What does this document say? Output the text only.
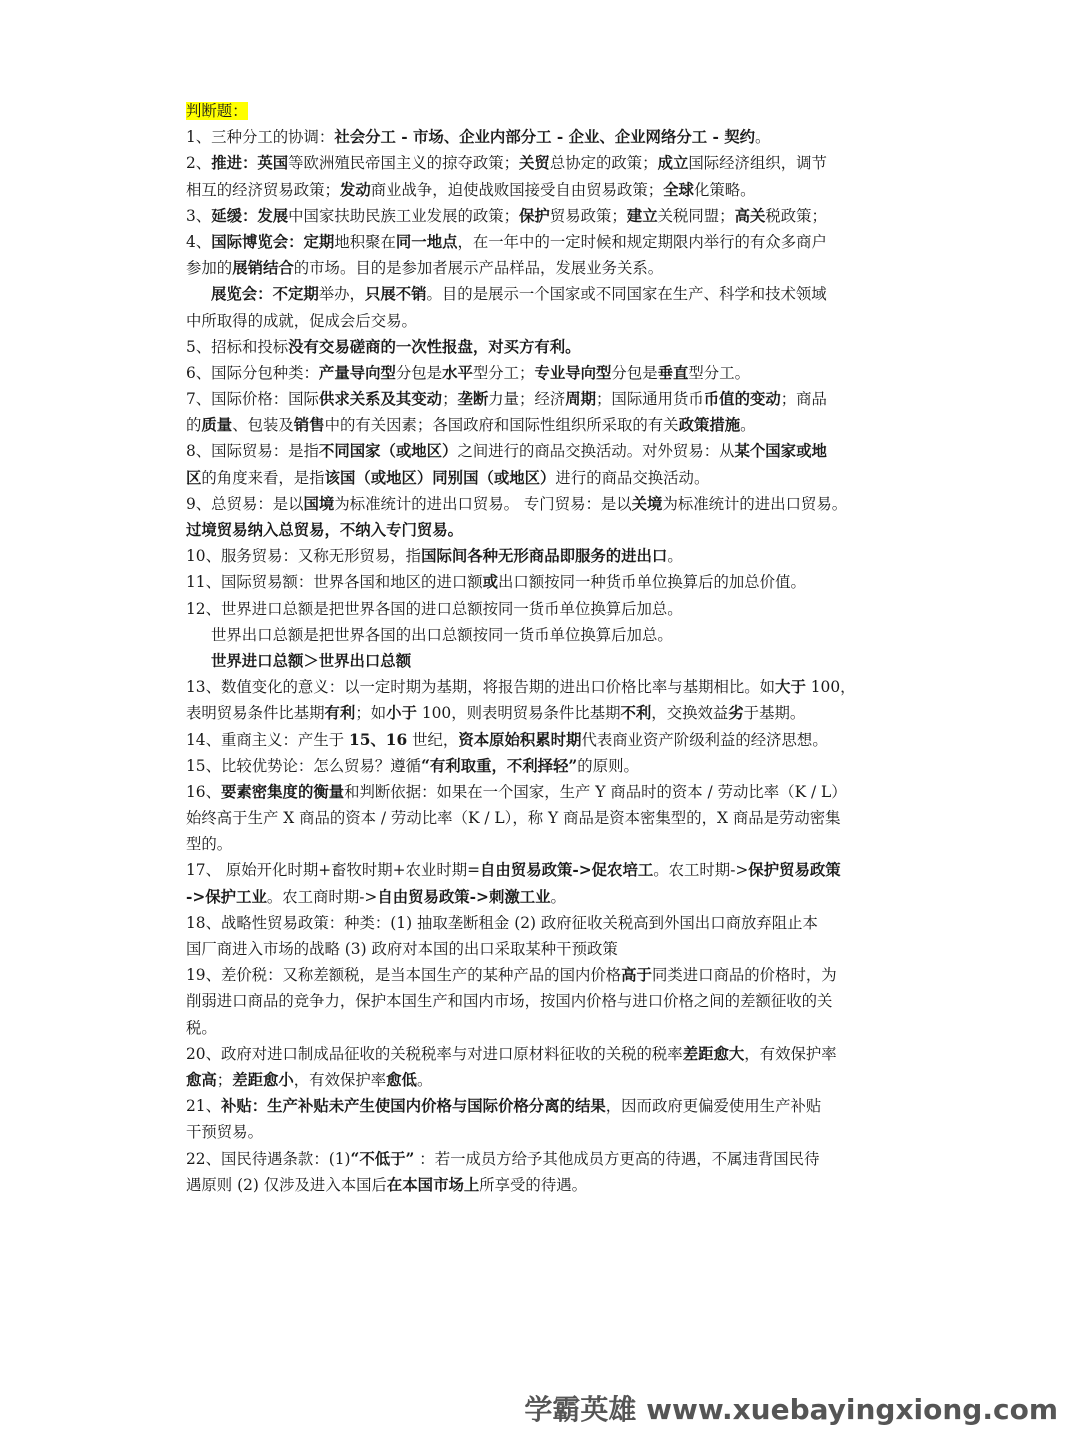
判断题：
1、三种分工的协调：社会分工 - 市场、企业内部分工 - 企业、企业网络分工 - 契约。
2、推进：英国等欧洲殖民帝国主义的掠夺政策；关贸总协定的政策；成立国际经济组织，调节
相互的经济贸易政策；发动商业战争，迫使战败国接受自由贸易政策；全球化策略。
3、延缓：发展中国家扶助民族工业发展的政策；保护贸易政策；建立关税同盟；高关税政策；
4、国际博览会：定期地积聚在同一地点，在一年中的一定时候和规定期限内举行的有众多商户
参加的展销结合的市场。目的是参加者展示产品样品，发展业务关系。
展览会：不定期举办，只展不销。目的是展示一个国家或不同国家在生产、科学和技术领域
中所取得的成就，促成会后交易。
5、招标和投标没有交易磋商的一次性报盘，对买方有利。
6、国际分包种类：产量导向型分包是水平型分工；专业导向型分包是垂直型分工。
7、国际价格：国际供求关系及其变动；垄断力量；经济周期；国际通用货币币值的变动；商品
的质量、包装及销售中的有关因素；各国政府和国际性组织所采取的有关政策措施。
8、国际贸易：是指不同国家（或地区）之间进行的商品交换活动。对外贸易：从某个国家或地
区的角度来看，是指该国（或地区）同别国（或地区）进行的商品交换活动。
9、总贸易：是以国境为标准统计的进出口贸易。 专门贸易：是以关境为标准统计的进出口贸易。
过境贸易纳入总贸易，不纳入专门贸易。
10、服务贸易：又称无形贸易，指国际间各种无形商品即服务的进出口。
11、国际贸易额：世界各国和地区的进口额或出口额按同一种货币单位换算后的加总价值。
12、世界进口总额是把世界各国的进口总额按同一货币单位换算后加总。
世界出口总额是把世界各国的出口总额按同一货币单位换算后加总。
世界进口总额＞世界出口总额
13、数值变化的意义：以一定时期为基期，将报告期的进出口价格比率与基期相比。如大于 100，
表明贸易条件比基期有利；如小于 100，则表明贸易条件比基期不利，交换效益劣于基期。
14、重商主义：产生于 15、16 世纪，资本原始积累时期代表商业资产阶级利益的经济思想。
15、比较优势论：怎么贸易？遵循“有利取重，不利择轻”的原则。
16、要素密集度的衡量和判断依据：如果在一个国家，生产 Y 商品时的资本 / 劳动比率（K / L）
始终高于生产 X 商品的资本 / 劳动比率（K / L），称 Y 商品是资本密集型的，X 商品是劳动密集
型的。
17、 原始开化时期+畜牧时期+农业时期=自由贸易政策->促农培工。农工时期->保护贸易政策
->保护工业。农工商时期->自由贸易政策->刺激工业。
18、战略性贸易政策：种类：(1) 抽取垄断租金 (2) 政府征收关税高到外国出口商放弃阻止本
国厂商进入市场的战略 (3) 政府对本国的出口采取某种干预政策
19、差价税：又称差额税，是当本国生产的某种产品的国内价格高于同类进口商品的价格时，为
削弱进口商品的竞争力，保护本国生产和国内市场，按国内价格与进口价格之间的差额征收的关
税。
20、政府对进口制成品征收的关税税率与对进口原材料征收的关税的税率差距愈大，有效保护率
愈高；差距愈小，有效保护率愈低。
21、补贴：生产补贴未产生使国内价格与国际价格分离的结果，因而政府更偏爱使用生产补贴
干预贸易。
22、国民待遇条款：(1)“不低于” ：若一成员方给予其他成员方更高的待遇，不属违背国民待
遇原则 (2) 仅涉及进入本国后在本国市场上所享受的待遇。
学霸英雄 www.xuebayingxiong.com
